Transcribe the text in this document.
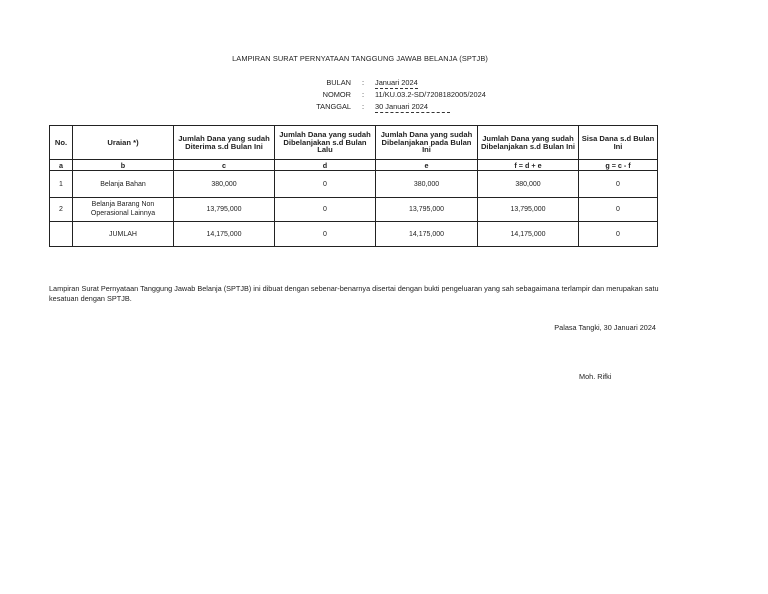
LAMPIRAN SURAT PERNYATAAN TANGGUNG JAWAB BELANJA (SPTJB)
BULAN : Januari 2024
NOMOR : 11/KU.03.2-SD/7208182005/2024
TANGGAL : 30 Januari 2024
No.	Uraian *)	Jumlah Dana yang sudah Diterima s.d Bulan Ini	Jumlah Dana yang sudah Dibelanjakan s.d Bulan Lalu	Jumlah Dana yang sudah Dibelanjakan pada Bulan Ini	Jumlah Dana yang sudah Dibelanjakan s.d Bulan Ini	Sisa Dana s.d Bulan Ini
a	b	c	d	e	f = d + e	g = c - f
1	Belanja Bahan	380,000	0	380,000	380,000	0
2	Belanja Barang Non Operasional Lainnya	13,795,000	0	13,795,000	13,795,000	0
	JUMLAH	14,175,000	0	14,175,000	14,175,000	0
Lampiran Surat Pernyataan Tanggung Jawab Belanja (SPTJB) ini dibuat dengan sebenar-benarnya disertai dengan bukti pengeluaran yang sah sebagaimana terlampir dan merupakan satu kesatuan dengan SPTJB.
Palasa Tangki, 30 Januari 2024
Moh. Rifki
